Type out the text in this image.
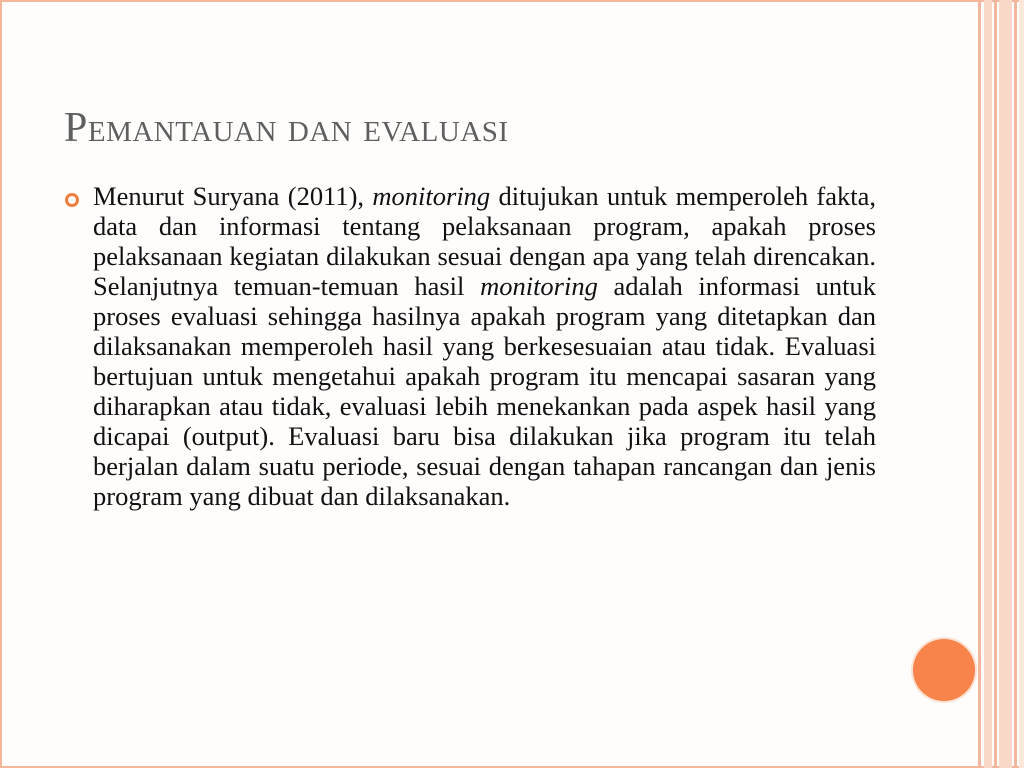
Pemantauan dan evaluasi

Menurut Suryana (2011), monitoring ditujukan untuk memperoleh fakta, data dan informasi tentang pelaksanaan program, apakah proses pelaksanaan kegiatan dilakukan sesuai dengan apa yang telah direncakan. Selanjutnya temuan-temuan hasil monitoring adalah informasi untuk proses evaluasi sehingga hasilnya apakah program yang ditetapkan dan dilaksanakan memperoleh hasil yang berkesesuaian atau tidak. Evaluasi bertujuan untuk mengetahui apakah program itu mencapai sasaran yang diharapkan atau tidak, evaluasi lebih menekankan pada aspek hasil yang dicapai (output). Evaluasi baru bisa dilakukan jika program itu telah berjalan dalam suatu periode, sesuai dengan tahapan rancangan dan jenis program yang dibuat dan dilaksanakan.
